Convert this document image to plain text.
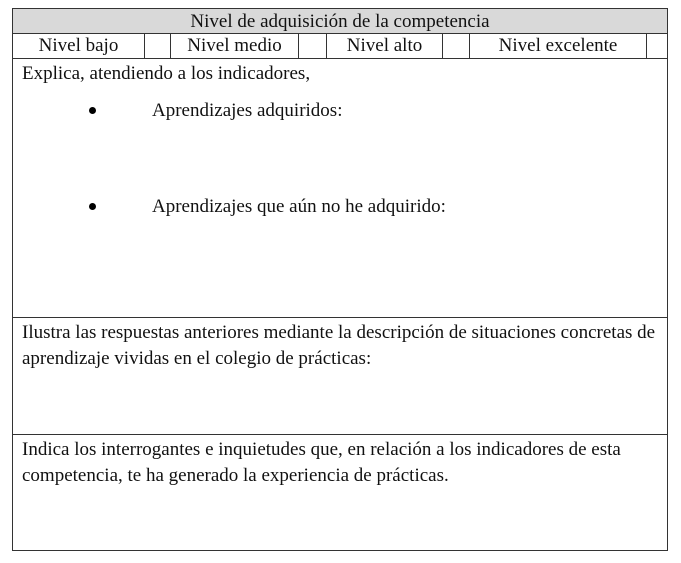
Nivel de adquisición de la competencia
Nivel bajo	Nivel medio	Nivel alto	Nivel excelente
Explica, atendiendo a los indicadores,
Aprendizajes adquiridos:
Aprendizajes que aún no he adquirido:
Ilustra las respuestas anteriores mediante la descripción de situaciones concretas de aprendizaje vividas en el colegio de prácticas:
Indica los interrogantes e inquietudes que, en relación a los indicadores de esta competencia, te ha generado la experiencia de prácticas.
